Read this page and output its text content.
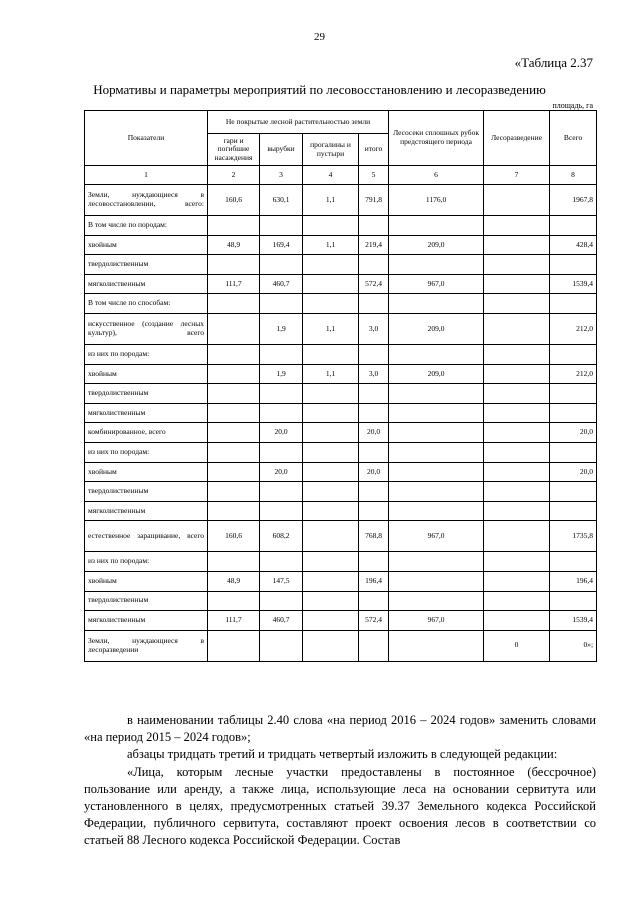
29
«Таблица 2.37
Нормативы и параметры мероприятий по лесовосстановлению и лесоразведению
площадь, га
Показатели	Не покрытые лесной растительностью земли				Лесосеки сплошных рубок предстоящего периода	Лесоразведение	Всего
	гари и погибшие насаждения	вырубки	прогалины и пустыри	итого			
1	2	3	4	5	6	7	8
Земли, нуждающиеся в лесовосстановлении, всего:	160,6	630,1	1,1	791,8	1176,0		1967,8
В том числе по породам:							
хвойным	48,9	169,4	1,1	219,4	209,0		428,4
твердолиственным							
мягколиственным	111,7	460,7		572,4	967,0		1539,4
В том числе по способам:							
искусственное (создание лесных культур), всего		1,9	1,1	3,0	209,0		212,0
из них по породам:							
хвойным		1,9	1,1	3,0	209,0		212,0
твердолиственным							
мягколиственным							
комбинированное, всего		20,0		20,0			20,0
из них по породам:							
хвойным		20,0		20,0			20,0
твердолиственным							
мягколиственным							
естественное заращивание, всего	160,6	608,2		768,8	967,0		1735,8
из них по породам:							
хвойным	48,9	147,5		196,4			196,4
твердолиственным							
мягколиственным	111,7	460,7		572,4	967,0		1539,4
Земли, нуждающиеся в лесоразведении						0	0»;

в наименовании таблицы 2.40 слова «на период 2016 – 2024 годов» заменить словами «на период 2015 – 2024 годов»;

абзацы тридцать третий и тридцать четвертый изложить в следующей редакции:

«Лица, которым лесные участки предоставлены в постоянное (бессрочное) пользование или аренду, а также лица, использующие леса на основании сервитута или установленного в целях, предусмотренных статьей 39.37 Земельного кодекса Российской Федерации, публичного сервитута, составляют проект освоения лесов в соответствии со статьей 88 Лесного кодекса Российской Федерации. Состав
